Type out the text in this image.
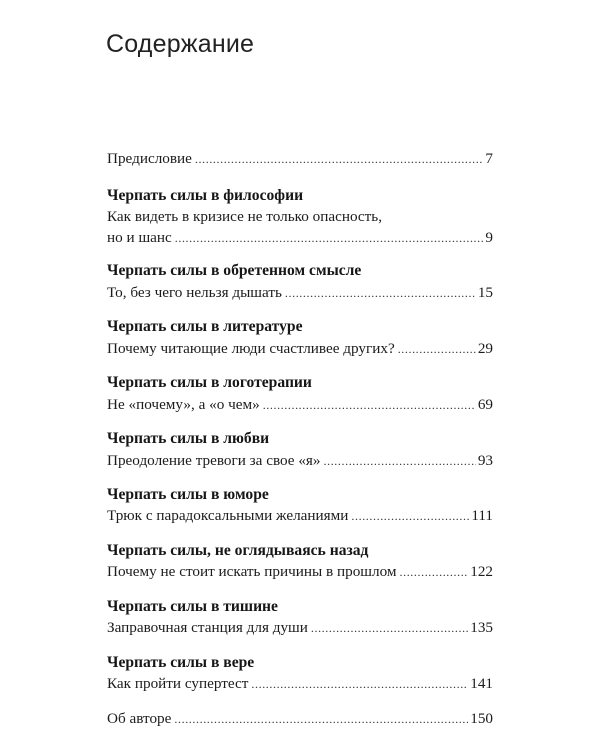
Содержание
Предисловие .....	7
Черпать силы в философии
Как видеть в кризисе не только опасность,
но и шанс .....	9
Черпать силы в обретенном смысле
То, без чего нельзя дышать .....	15
Черпать силы в литературе
Почему читающие люди счастливее других? .....	29
Черпать силы в логотерапии
Не «почему», а «о чем» .....	69
Черпать силы в любви
Преодоление тревоги за свое «я» .....	93
Черпать силы в юморе
Трюк с парадоксальными желаниями .....	111
Черпать силы, не оглядываясь назад
Почему не стоит искать причины в прошлом .....	122
Черпать силы в тишине
Заправочная станция для души .....	135
Черпать силы в вере
Как пройти супертест .....	141
Об авторе .....	150
